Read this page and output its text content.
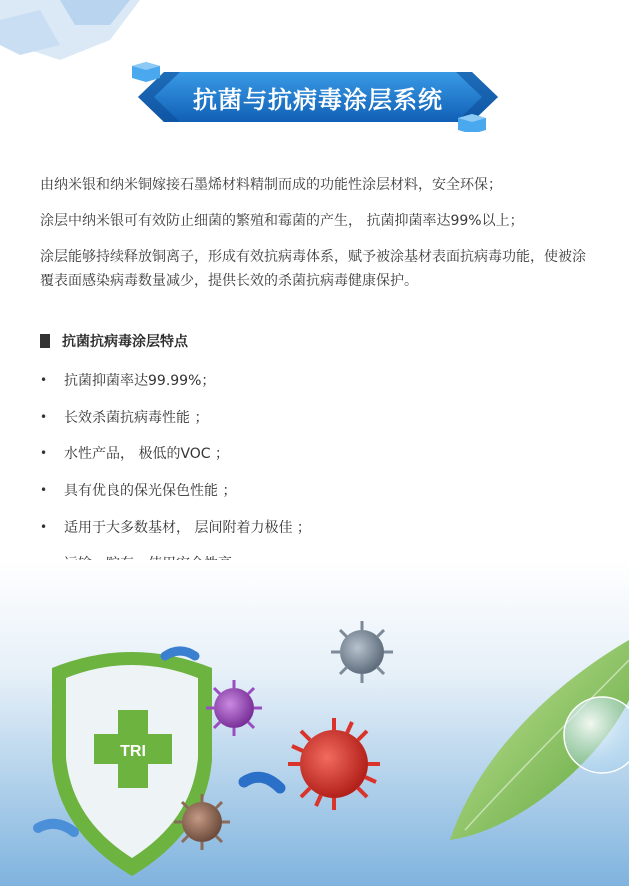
抗菌与抗病毒涂层系统

由纳米银和纳米铜嫁接石墨烯材料精制而成的功能性涂层材料，安全环保；

涂层中纳米银可有效防止细菌的繁殖和霉菌的产生， 抗菌抑菌率达99%以上；

涂层能够持续释放铜离子，形成有效抗病毒体系，赋予被涂基材表面抗病毒功能，使被涂覆表面感染病毒数量减少，提供长效的杀菌抗病毒健康保护。

抗菌抗病毒涂层特点
•	抗菌抑菌率达99.99%；
•	长效杀菌抗病毒性能 ；
•	水性产品， 极低的VOC ；
•	具有优良的保光保色性能 ；
•	适用于大多数基材， 层间附着力极佳 ；
TRI
